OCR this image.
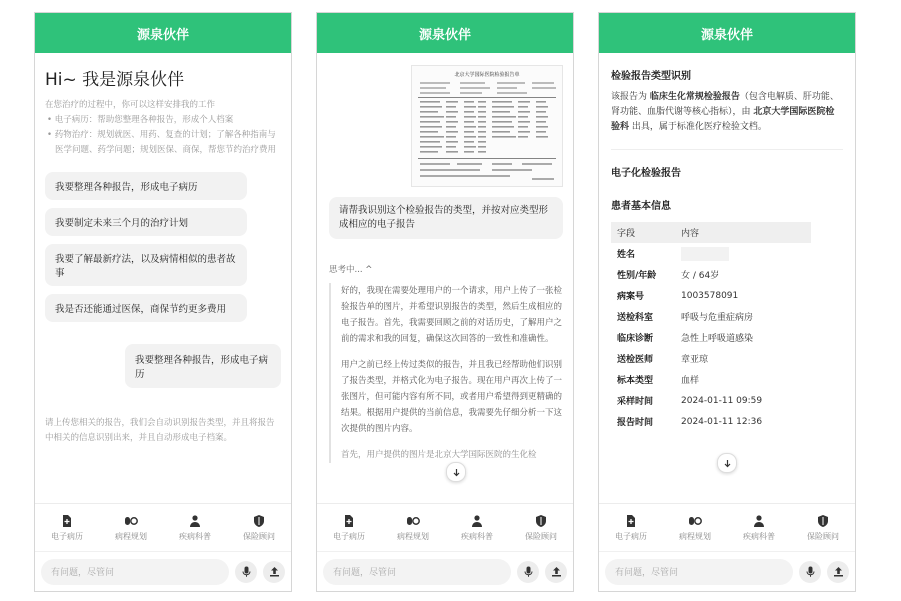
源泉伙伴
Hi~ 我是源泉伙伴
在您治疗的过程中，你可以这样安排我的工作
• 电子病历：帮助您整理各种报告，形成个人档案
• 药物治疗：规划就医、用药、复查的计划；了解各种指南与医学问题、药学问题；规划医保、商保，帮您节约治疗费用
我要整理各种报告，形成电子病历 我要制定未来三个月的治疗计划 我要了解最新疗法，以及病情相似的患者故事 我是否还能通过医保，商保节约更多费用
我要整理各种报告，形成电子病历
请上传您相关的报告，我们会自动识别报告类型，并且将报告中相关的信息识别出来，并且自动形成电子档案。
电子病历	病程规划	疾病科普	保险顾问
有问题，尽管问
源泉伙伴
北京大学国际医院检验报告单
请帮我识别这个检验报告的类型，并按对应类型形成相应的电子报告
思考中... ^

好的，我现在需要处理用户的一个请求，用户上传了一张检验报告单的图片，并希望识别报告的类型，然后生成相应的电子报告。首先，我需要回顾之前的对话历史，了解用户之前的需求和我的回复，确保这次回答的一致性和准确性。

用户之前已经上传过类似的报告，并且我已经帮助他们识别了报告类型，并格式化为电子报告。现在用户再次上传了一张图片，但可能内容有所不同，或者用户希望得到更精确的结果。根据用户提供的当前信息，我需要先仔细分析一下这次提供的图片内容。

首先，用户提供的图片是北京大学国际医院的生化检

电子病历	病程规划	疾病科普	保险顾问
有问题，尽管问
源泉伙伴
检验报告类型识别

该报告为 临床生化常规检验报告（包含电解质、肝功能、肾功能、血脂代谢等核心指标），由 北京大学国际医院检验科 出具，属于标准化医疗检验文档。

电子化检验报告
患者基本信息
字段	内容
姓名
性别/年龄	女 / 64岁
病案号	1003578091
送检科室	呼吸与危重症病房
临床诊断	急性上呼吸道感染
送检医师	章亚琼
标本类型	血样
采样时间	2024-01-11 09:59
报告时间	2024-01-11 12:36
电子病历	病程规划	疾病科普	保险顾问
有问题，尽管问
